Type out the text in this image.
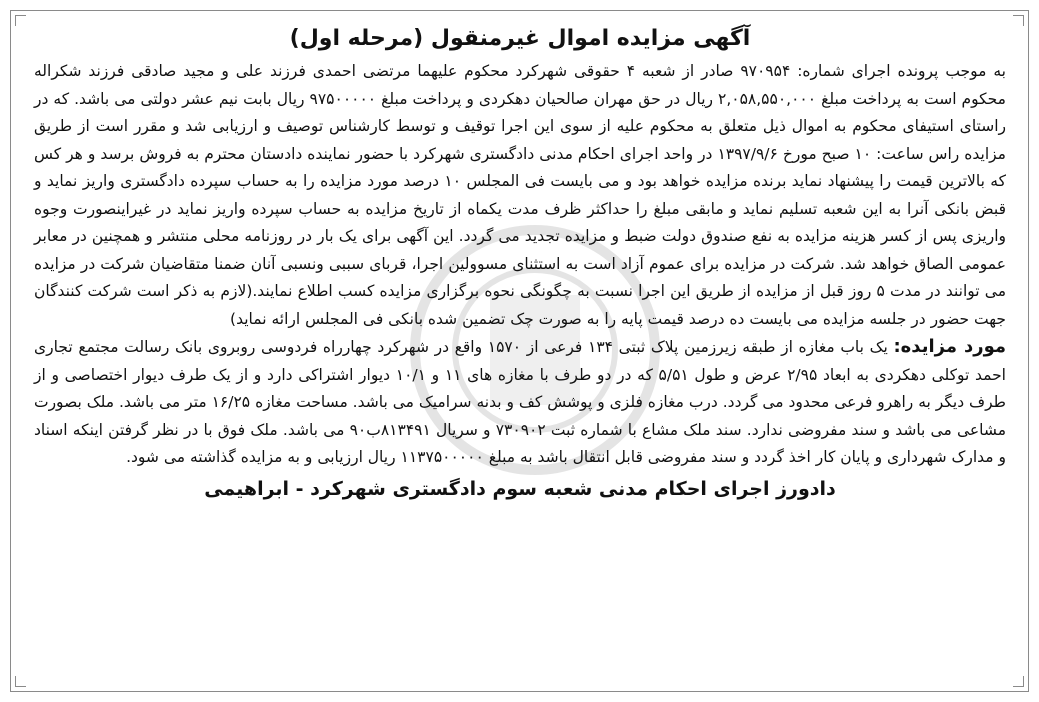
آگهی مزایده اموال غیرمنقول (مرحله اول)

به موجب پرونده اجرای شماره: ۹۷۰۹۵۴ صادر از شعبه ۴ حقوقی شهرکرد محکوم علیهما مرتضی احمدی فرزند علی و مجید صادقی فرزند شکراله محکوم است به پرداخت مبلغ ۲,۰۵۸,۵۵۰,۰۰۰ ریال در حق مهران صالحیان دهکردی و پرداخت مبلغ ۹۷۵۰۰۰۰۰ ریال بابت نیم عشر دولتی می باشد. که در راستای استیفای محکوم به اموال ذیل متعلق به محکوم علیه از سوی این اجرا توقیف و توسط کارشناس توصیف و ارزیابی شد و مقرر است از طریق مزایده راس ساعت: ۱۰ صبح مورخ ۱۳۹۷/۹/۶ در واحد اجرای احکام مدنی دادگستری شهرکرد با حضور نماینده دادستان محترم به فروش برسد و هر کس که بالاترین قیمت را پیشنهاد نماید برنده مزایده خواهد بود و می بایست فی المجلس ۱۰ درصد مورد مزایده را به حساب سپرده دادگستری واریز نماید و قبض بانکی آنرا به این شعبه تسلیم نماید و مابقی مبلغ را حداکثر ظرف مدت یکماه از تاریخ مزایده به حساب سپرده واریز نماید در غیراینصورت وجوه واریزی پس از کسر هزینه مزایده به نفع صندوق دولت ضبط و مزایده تجدید می گردد. این آگهی برای یک بار در روزنامه محلی منتشر و همچنین در معابر عمومی الصاق خواهد شد. شرکت در مزایده برای عموم آزاد است به استثنای مسوولین اجرا، قربای سببی ونسبی آنان ضمنا متقاضیان شرکت در مزایده می توانند در مدت ۵ روز قبل از مزایده از طریق این اجرا نسبت به چگونگی نحوه برگزاری مزایده کسب اطلاع نمایند.(لازم به ذکر است شرکت کنندگان جهت حضور در جلسه مزایده می بایست ده درصد قیمت پایه را به صورت چک تضمین شده بانکی فی المجلس ارائه نماید)

مورد مزایده: یک باب مغازه از طبقه زیرزمین پلاک ثبتی ۱۳۴ فرعی از ۱۵۷۰ واقع در شهرکرد چهارراه فردوسی روبروی بانک رسالت مجتمع تجاری احمد توکلی دهکردی به ابعاد ۲/۹۵ عرض و طول ۵/۵۱ که در دو طرف با مغازه های ۱۱ و ۱۰/۱ دیوار اشتراکی دارد و از یک طرف دیوار اختصاصی و از طرف دیگر به راهرو فرعی محدود می گردد. درب مغازه فلزی و پوشش کف و بدنه سرامیک می باشد. مساحت مغازه ۱۶/۲۵ متر می باشد. ملک بصورت مشاعی می باشد و سند مفروضی ندارد. سند ملک مشاع با شماره ثبت ۷۳۰۹۰۲ و سریال ۸۱۳۴۹۱ب۹۰ می باشد. ملک فوق با در نظر گرفتن اینکه اسناد و مدارک شهرداری و پایان کار اخذ گردد و سند مفروضی قابل انتقال باشد به مبلغ ۱۱۳۷۵۰۰۰۰۰ ریال ارزیابی و به مزایده گذاشته می شود.

دادورز اجرای احکام مدنی شعبه سوم دادگستری شهرکرد - ابراهیمی
